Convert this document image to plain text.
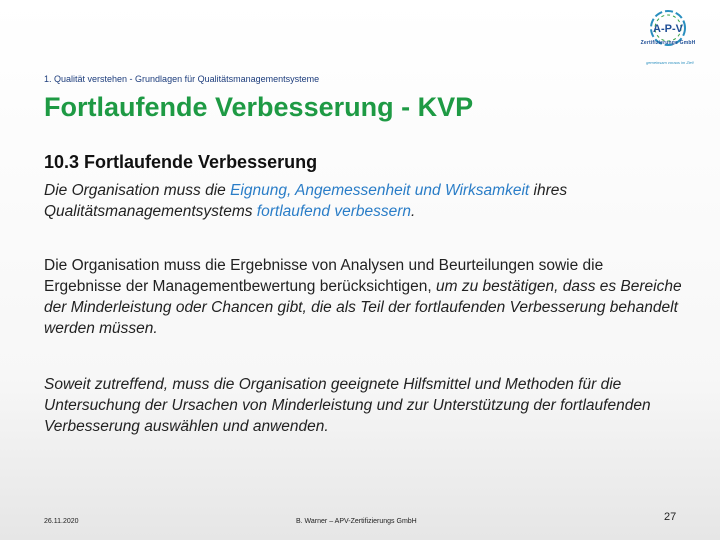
A-P-V
Zertifizierungs GmbH
gemeinsam voraus im Ziel!
1. Qualität verstehen - Grundlagen für Qualitätsmanagementsysteme
Fortlaufende Verbesserung - KVP
10.3 Fortlaufende Verbesserung
Die Organisation muss die Eignung, Angemessenheit und Wirksamkeit ihres Qualitätsmanagementsystems fortlaufend verbessern.
Die Organisation muss die Ergebnisse von Analysen und Beurteilungen sowie die Ergebnisse der Managementbewertung berücksichtigen, um zu bestätigen, dass es Bereiche der Minderleistung oder Chancen gibt, die als Teil der fortlaufenden Verbesserung behandelt werden müssen.
Soweit zutreffend, muss die Organisation geeignete Hilfsmittel und Methoden für die Untersuchung der Ursachen von Minderleistung und zur Unterstützung der fortlaufenden Verbesserung auswählen und anwenden.
26.11.2020	B. Warner – APV-Zertifizierungs GmbH	27
